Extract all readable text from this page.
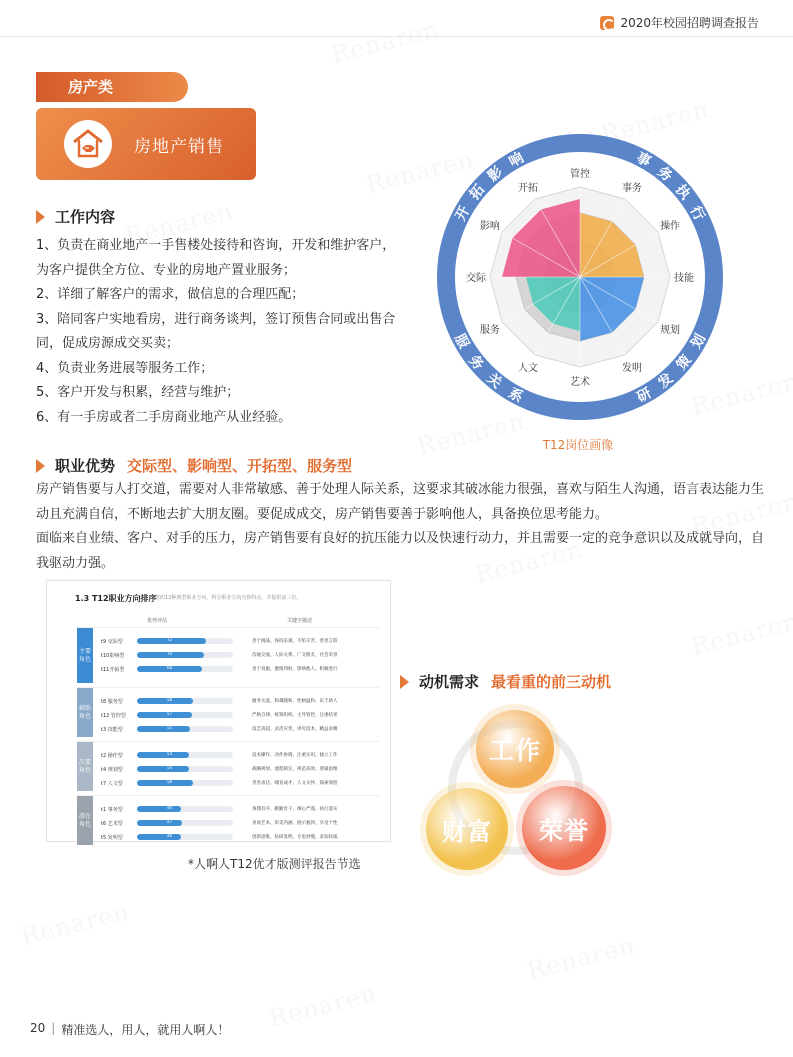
2020年校园招聘调查报告
房产类
房地产销售
工作内容

1、负责在商业地产一手售楼处接待和咨询，开发和维护客户，为客户提供全方位、专业的房地产置业服务；

2、详细了解客户的需求，做信息的合理匹配；

3、陪同客户实地看房，进行商务谈判，签订预售合同或出售合同，促成房源成交买卖；

4、负责业务进展等服务工作；

5、客户开发与积累，经营与维护；

6、有一手房或者二手房商业地产从业经验。

管控
事务
操作
技能
规划
发明
艺术
人文
服务
交际
影响
开拓
开
拓
影
响	事
务
执
行
研
发
策
划
服
务
关
系
T12岗位画像
职业优势 交际型、影响型、开拓型、服务型

房产销售要与人打交道，需要对人非常敏感、善于处理人际关系，这要求其破冰能力很强，喜欢与陌生人沟通，语言表达能力生动且充满自信，不断地去扩大朋友圈。要促成成交，房产销售要善于影响他人，具备换位思考能力。

面临来自业绩、客户、对手的压力，房产销售要有良好的抗压能力以及快速行动力，并且需要一定的竞争意识以及成就导向，自我驱动力强。

1.3 T12职业方向排序
您的12种典型职业方向，得分职业方向有你特点，并提供前三位。
优势评估	关键字描述
主要角色
t9 交际型	72	善于挑战、保持乐观、不怕辛苦、善善言辞
t10影响型	70	沟通交流、人际关系、广交朋友、社会荣誉
t11开拓型	68	善于说服、激情四射、影响他人、积极进行
辅助角色
t8 服务型	58	服务关爱、和蔼随和、性格温和、乐于助人
t12 管控型	57	严格自律、统筹组织、主导管控、注重结果
t3 技能型	55	技艺高超、灵活应变、讲究技术、精益求精
次要角色
t2 操作型	54	技术操作、动作协调、注重实用、独立工作
t4 规划型	54	战略规划、流程制定、规范高效、逻辑思维
t7 人文型	58	善善表达、哺育成才、人文关怀、探索领悟
潜在角色
t1 事务型	46	条理有序、勤勤肯干、细心严谨、执行落实
t6 艺术型	47	喜欢艺术、审美内涵、展示独到、享受个性
t5 发明型	46	创新思维、钻研发明、专思炒慢、求知权威
*人啊人T12优才版测评报告节选
动机需求 最看重的前三动机
工作
财富	荣誉
20 | 精准选人，用人，就用人啊人！
